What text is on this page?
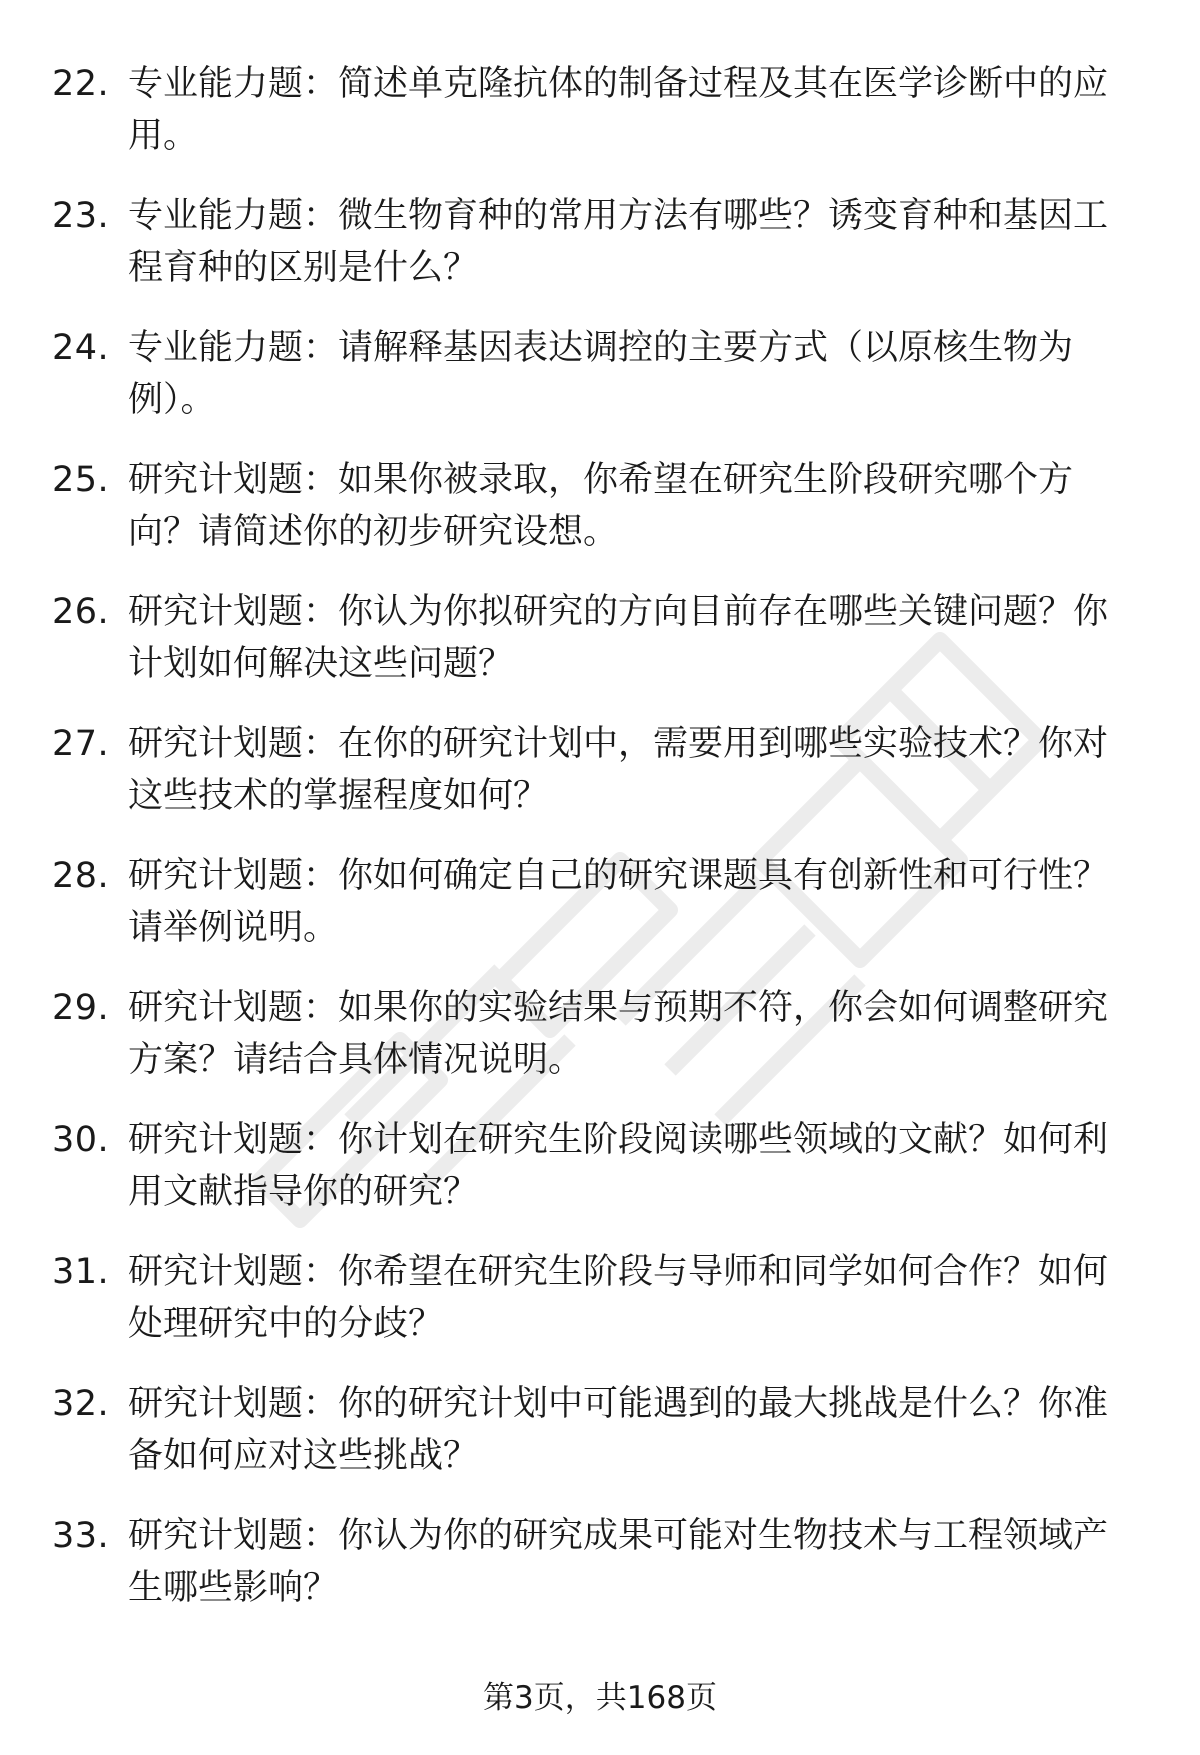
22. 专业能力题：简述单克隆抗体的制备过程及其在医学诊断中的应用。
23. 专业能力题：微生物育种的常用方法有哪些？诱变育种和基因工程育种的区别是什么？
24. 专业能力题：请解释基因表达调控的主要方式（以原核生物为例）。
25. 研究计划题：如果你被录取，你希望在研究生阶段研究哪个方向？请简述你的初步研究设想。
26. 研究计划题：你认为你拟研究的方向目前存在哪些关键问题？你计划如何解决这些问题？
27. 研究计划题：在你的研究计划中，需要用到哪些实验技术？你对这些技术的掌握程度如何？
28. 研究计划题：你如何确定自己的研究课题具有创新性和可行性？请举例说明。
29. 研究计划题：如果你的实验结果与预期不符，你会如何调整研究方案？请结合具体情况说明。
30. 研究计划题：你计划在研究生阶段阅读哪些领域的文献？如何利用文献指导你的研究？
31. 研究计划题：你希望在研究生阶段与导师和同学如何合作？如何处理研究中的分歧？
32. 研究计划题：你的研究计划中可能遇到的最大挑战是什么？你准备如何应对这些挑战？
33. 研究计划题：你认为你的研究成果可能对生物技术与工程领域产生哪些影响？
第3页，共168页
